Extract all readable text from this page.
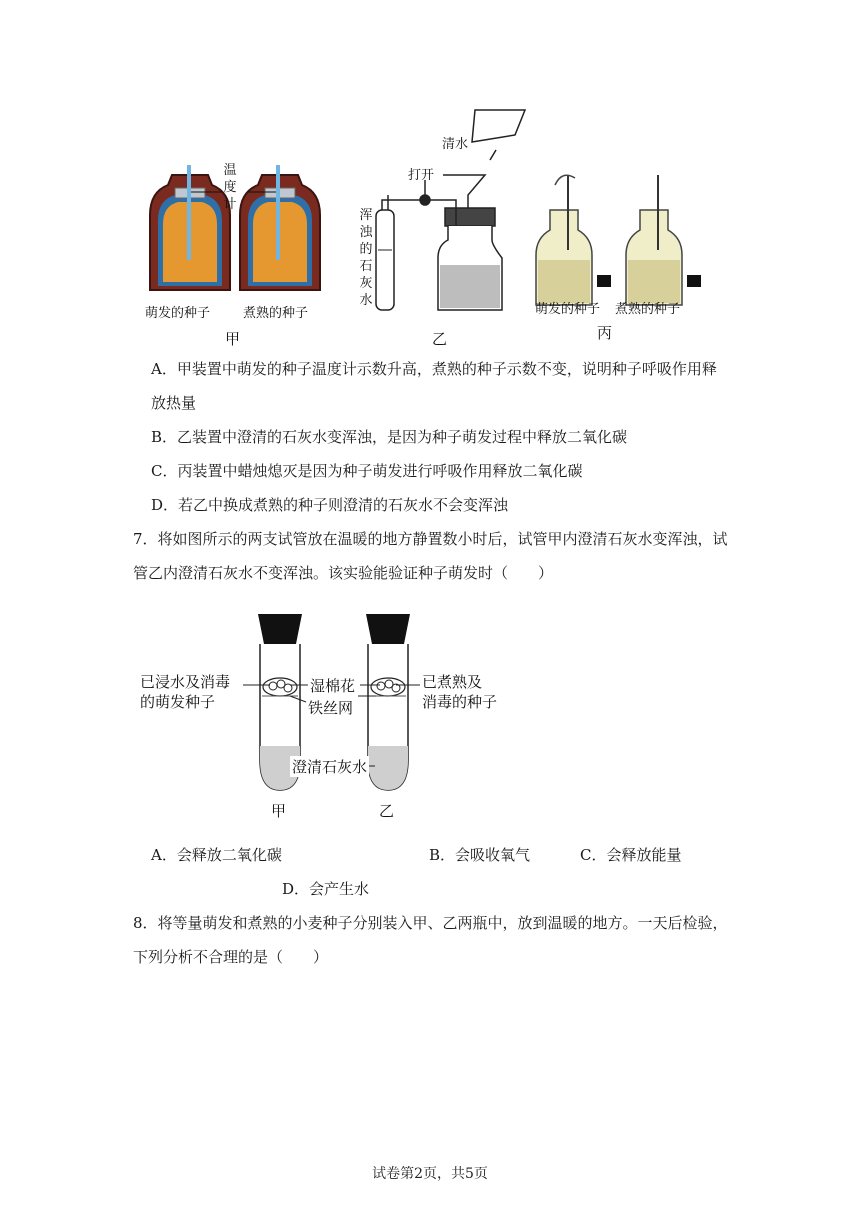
温
度
计
萌发的种子	煮熟的种子
甲
清水
打开
浑
浊
的
石
灰
水
乙
萌发的种子 煮熟的种子
丙
A．甲装置中萌发的种子温度计示数升高，煮熟的种子示数不变，说明种子呼吸作用释
放热量
B．乙装置中澄清的石灰水变浑浊，是因为种子萌发过程中释放二氧化碳
C．丙装置中蜡烛熄灭是因为种子萌发进行呼吸作用释放二氧化碳
D．若乙中换成煮熟的种子则澄清的石灰水不会变浑浊
7．将如图所示的两支试管放在温暖的地方静置数小时后，试管甲内澄清石灰水变浑浊，试
管乙内澄清石灰水不变浑浊。该实验能验证种子萌发时（　　）
已浸水及消毒
的萌发种子
湿棉花
铁丝网
已煮熟及
消毒的种子
澄清石灰水
甲	乙
A．会释放二氧化碳	B．会吸收氧气	C．会释放能量
D．会产生水
8．将等量萌发和煮熟的小麦种子分别装入甲、乙两瓶中，放到温暖的地方。一天后检验，
下列分析不合理的是（　　）
试卷第2页，共5页
